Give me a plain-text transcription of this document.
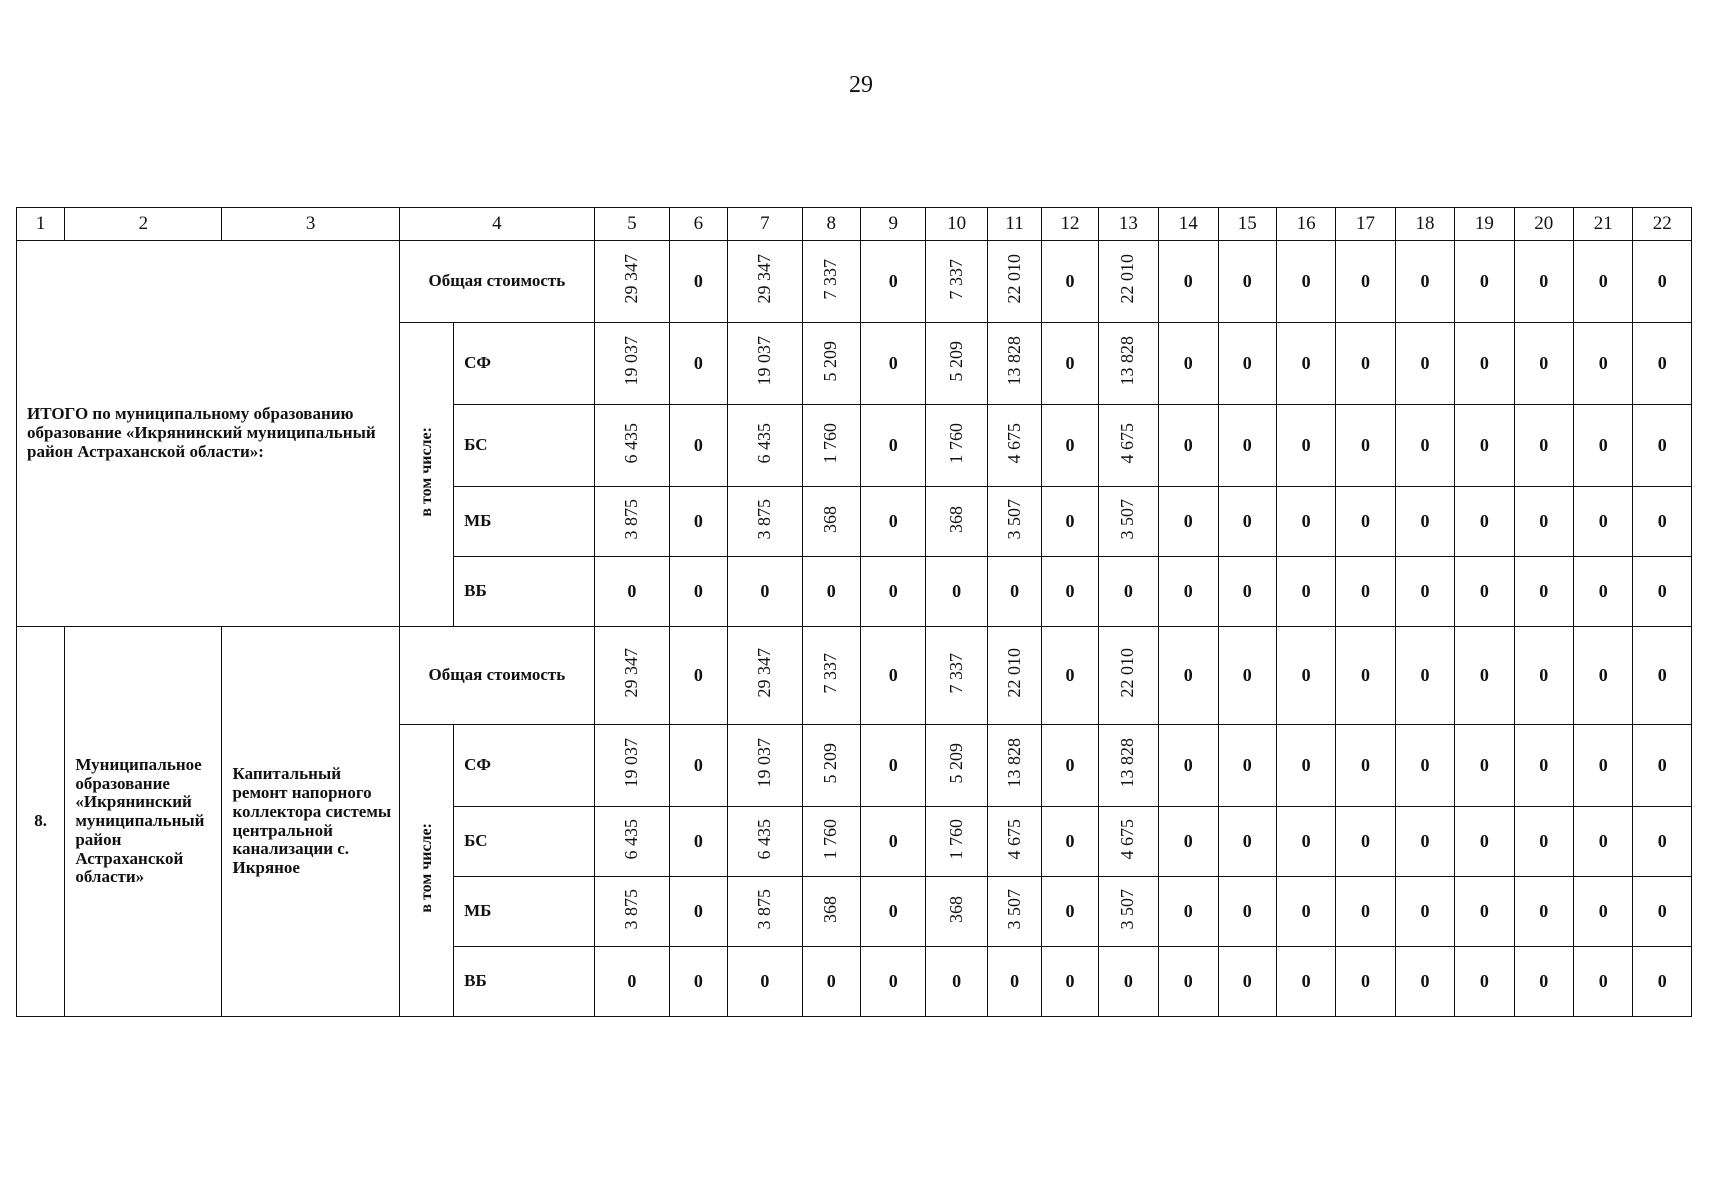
29
1	2	3	4		5	6	7	8	9	10	11	12	13	14	15	16	17	18	19	20	21	22
ИТОГО по муниципальному образованию образование «Икрянинский муниципальный район Астраханской области»:			Общая стоимость		29 347	0	29 347	7 337	0	7 337	22 010	0	22 010	0	0	0	0	0	0	0	0	0
			в том числе:	СФ	19 037	0	19 037	5 209	0	5 209	13 828	0	13 828	0	0	0	0	0	0	0	0	0
				БС	6 435	0	6 435	1 760	0	1 760	4 675	0	4 675	0	0	0	0	0	0	0	0	0
				МБ	3 875	0	3 875	368	0	368	3 507	0	3 507	0	0	0	0	0	0	0	0	0
				ВБ	0	0	0	0	0	0	0	0	0	0	0	0	0	0	0	0	0	0
8.	Муниципальное образование «Икрянинский муниципальный район Астраханской области»	Капитальный ремонт напорного коллектора системы центральной канализации с. Икряное	Общая стоимость		29 347	0	29 347	7 337	0	7 337	22 010	0	22 010	0	0	0	0	0	0	0	0	0
			в том числе:	СФ	19 037	0	19 037	5 209	0	5 209	13 828	0	13 828	0	0	0	0	0	0	0	0	0
				БС	6 435	0	6 435	1 760	0	1 760	4 675	0	4 675	0	0	0	0	0	0	0	0	0
				МБ	3 875	0	3 875	368	0	368	3 507	0	3 507	0	0	0	0	0	0	0	0	0
				ВБ	0	0	0	0	0	0	0	0	0	0	0	0	0	0	0	0	0	0
